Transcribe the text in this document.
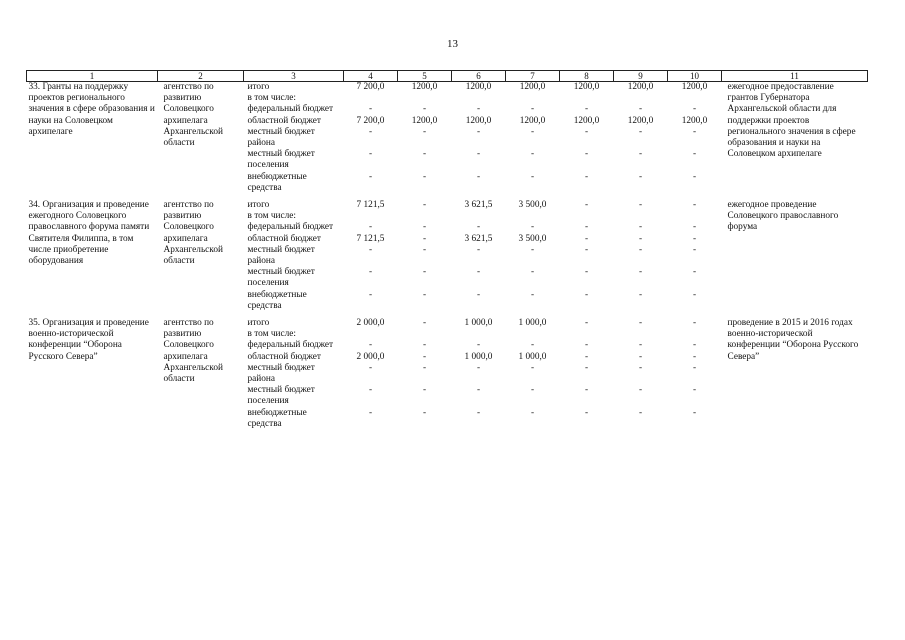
13
1	2	3	4	5	6	7	8	9	10	11
33. Гранты на поддержку проектов регионального значения в сфере образования и науки на Соловецком архипелаге	агентство по развитию Соловецкого архипелага Архангельской области	итого	7 200,0	1200,0	1200,0	1200,0	1200,0	1200,0	1200,0	ежегодное предоставление грантов Губернатора Архангельской области для поддержки проектов регионального значения в сфере образования и науки на Соловецком архипелаге
		в том числе:								
		федеральный бюджет	-	-	-	-	-	-	-	
		областной бюджет	7 200,0	1200,0	1200,0	1200,0	1200,0	1200,0	1200,0	
		местный бюджет района	-	-	-	-	-	-	-	
		местный бюджет поселения	-	-	-	-	-	-	-	
		внебюджетные средства	-	-	-	-	-	-	-	

34. Организация и проведение ежегодного Соловецкого православного форума памяти Святителя Филиппа, в том числе приобретение оборудования	агентство по развитию Соловецкого архипелага Архангельской области	итого	7 121,5	-	3 621,5	3 500,0	-	-	-	ежегодное проведение Соловецкого православного форума
		в том числе:								
		федеральный бюджет	-	-	-	-	-	-	-	
		областной бюджет	7 121,5	-	3 621,5	3 500,0	-	-	-	
		местный бюджет района	-	-	-	-	-	-	-	
		местный бюджет поселения	-	-	-	-	-	-	-	
		внебюджетные средства	-	-	-	-	-	-	-	

35. Организация и проведение военно-исторической конференции “Оборона Русского Севера”	агентство по развитию Соловецкого архипелага Архангельской области	итого	2 000,0	-	1 000,0	1 000,0	-	-	-	проведение в 2015 и 2016 годах военно-исторической конференции “Оборона Русского Севера”
		в том числе:								
		федеральный бюджет	-	-	-	-	-	-	-	
		областной бюджет	2 000,0	-	1 000,0	1 000,0	-	-	-	
		местный бюджет района	-	-	-	-	-	-	-	
		местный бюджет поселения	-	-	-	-	-	-	-	
		внебюджетные средства	-	-	-	-	-	-	-	
